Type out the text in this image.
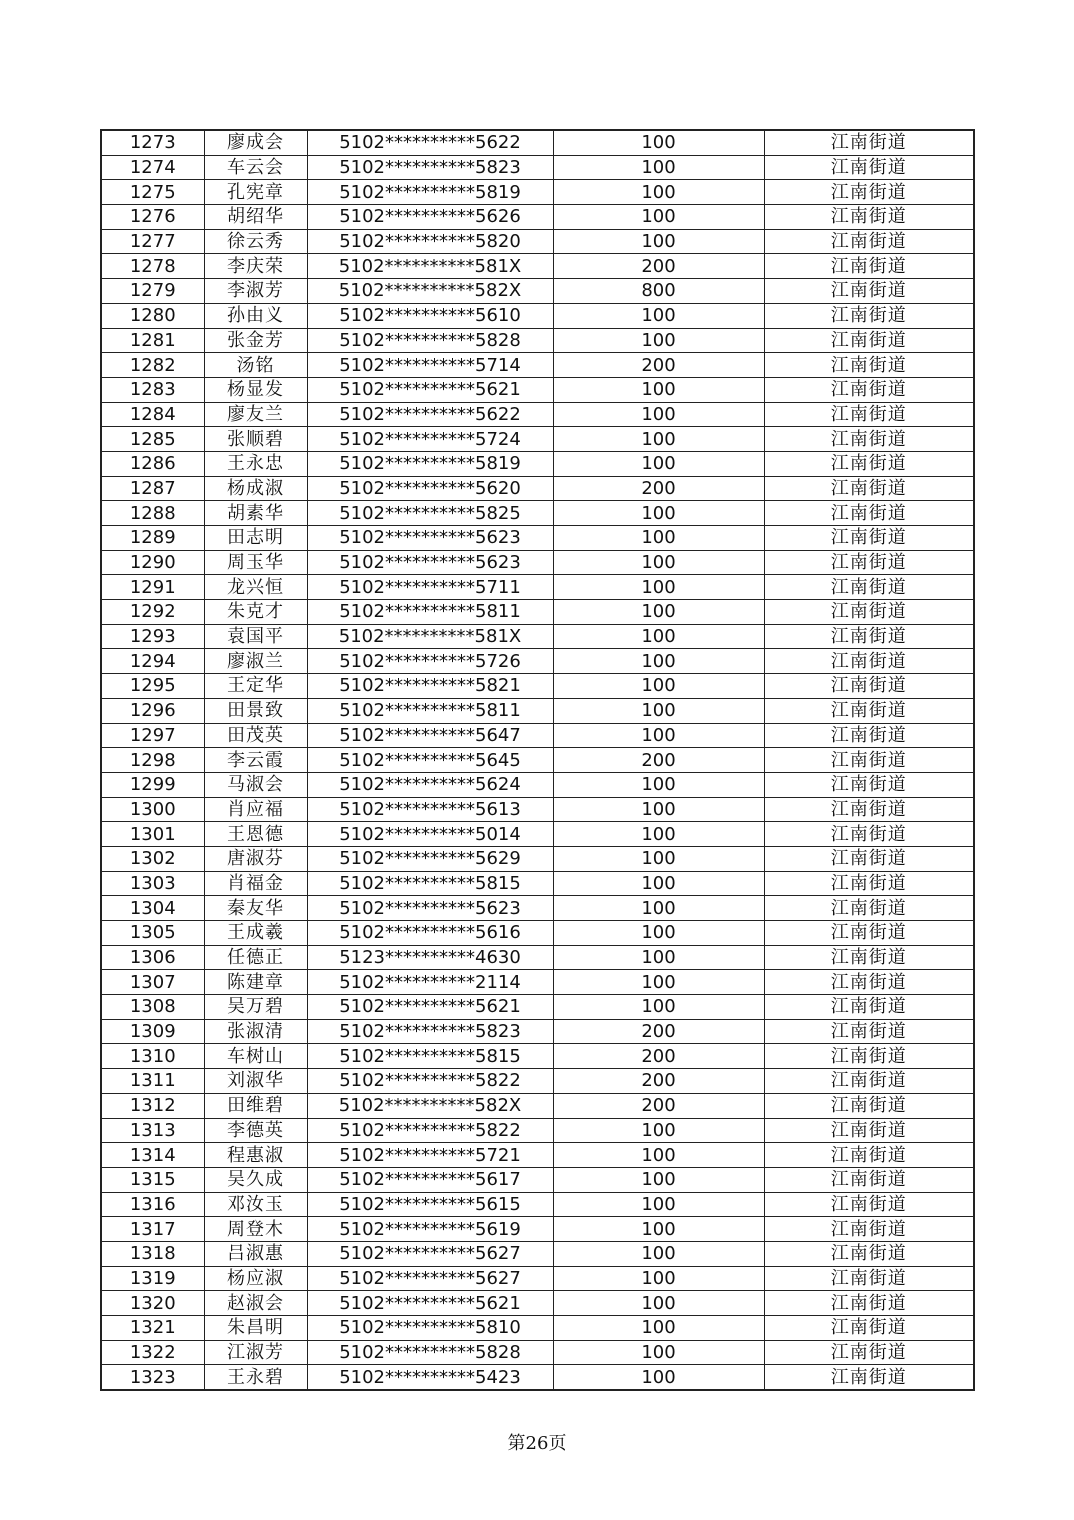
1273	廖成会	5102**********5622	100	江南街道
1274	车云会	5102**********5823	100	江南街道
1275	孔宪章	5102**********5819	100	江南街道
1276	胡绍华	5102**********5626	100	江南街道
1277	徐云秀	5102**********5820	100	江南街道
1278	李庆荣	5102**********581X	200	江南街道
1279	李淑芳	5102**********582X	800	江南街道
1280	孙由义	5102**********5610	100	江南街道
1281	张金芳	5102**********5828	100	江南街道
1282	汤铭	5102**********5714	200	江南街道
1283	杨显发	5102**********5621	100	江南街道
1284	廖友兰	5102**********5622	100	江南街道
1285	张顺碧	5102**********5724	100	江南街道
1286	王永忠	5102**********5819	100	江南街道
1287	杨成淑	5102**********5620	200	江南街道
1288	胡素华	5102**********5825	100	江南街道
1289	田志明	5102**********5623	100	江南街道
1290	周玉华	5102**********5623	100	江南街道
1291	龙兴恒	5102**********5711	100	江南街道
1292	朱克才	5102**********5811	100	江南街道
1293	袁国平	5102**********581X	100	江南街道
1294	廖淑兰	5102**********5726	100	江南街道
1295	王定华	5102**********5821	100	江南街道
1296	田景致	5102**********5811	100	江南街道
1297	田茂英	5102**********5647	100	江南街道
1298	李云霞	5102**********5645	200	江南街道
1299	马淑会	5102**********5624	100	江南街道
1300	肖应福	5102**********5613	100	江南街道
1301	王恩德	5102**********5014	100	江南街道
1302	唐淑芬	5102**********5629	100	江南街道
1303	肖福金	5102**********5815	100	江南街道
1304	秦友华	5102**********5623	100	江南街道
1305	王成羲	5102**********5616	100	江南街道
1306	任德正	5123**********4630	100	江南街道
1307	陈建章	5102**********2114	100	江南街道
1308	吴万碧	5102**********5621	100	江南街道
1309	张淑清	5102**********5823	200	江南街道
1310	车树山	5102**********5815	200	江南街道
1311	刘淑华	5102**********5822	200	江南街道
1312	田维碧	5102**********582X	200	江南街道
1313	李德英	5102**********5822	100	江南街道
1314	程惠淑	5102**********5721	100	江南街道
1315	吴久成	5102**********5617	100	江南街道
1316	邓汝玉	5102**********5615	100	江南街道
1317	周登木	5102**********5619	100	江南街道
1318	吕淑惠	5102**********5627	100	江南街道
1319	杨应淑	5102**********5627	100	江南街道
1320	赵淑会	5102**********5621	100	江南街道
1321	朱昌明	5102**********5810	100	江南街道
1322	江淑芳	5102**********5828	100	江南街道
1323	王永碧	5102**********5423	100	江南街道
第26页
